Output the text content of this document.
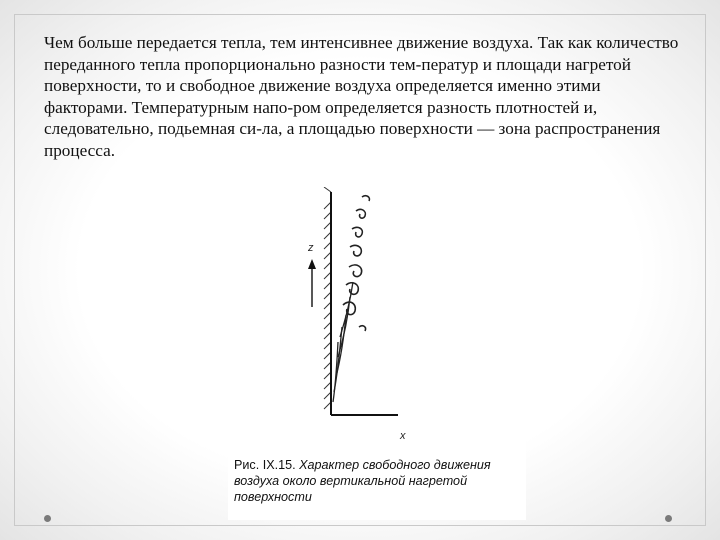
Чем больше передается тепла, тем интенсивнее движение воздуха. Так как количество переданного тепла пропорционально разности тем-ператур и площади нагретой поверхности, то и свободное движение воздуха определяется именно этими факторами. Температурным напо-ром определяется разность плотностей и, следовательно, подьемная си-ла, а площадью поверхности — зона распространения процесса.

z
x
Рис. IX.15. Характер свободного движения воздуха около вертикальной нагретой поверхности
